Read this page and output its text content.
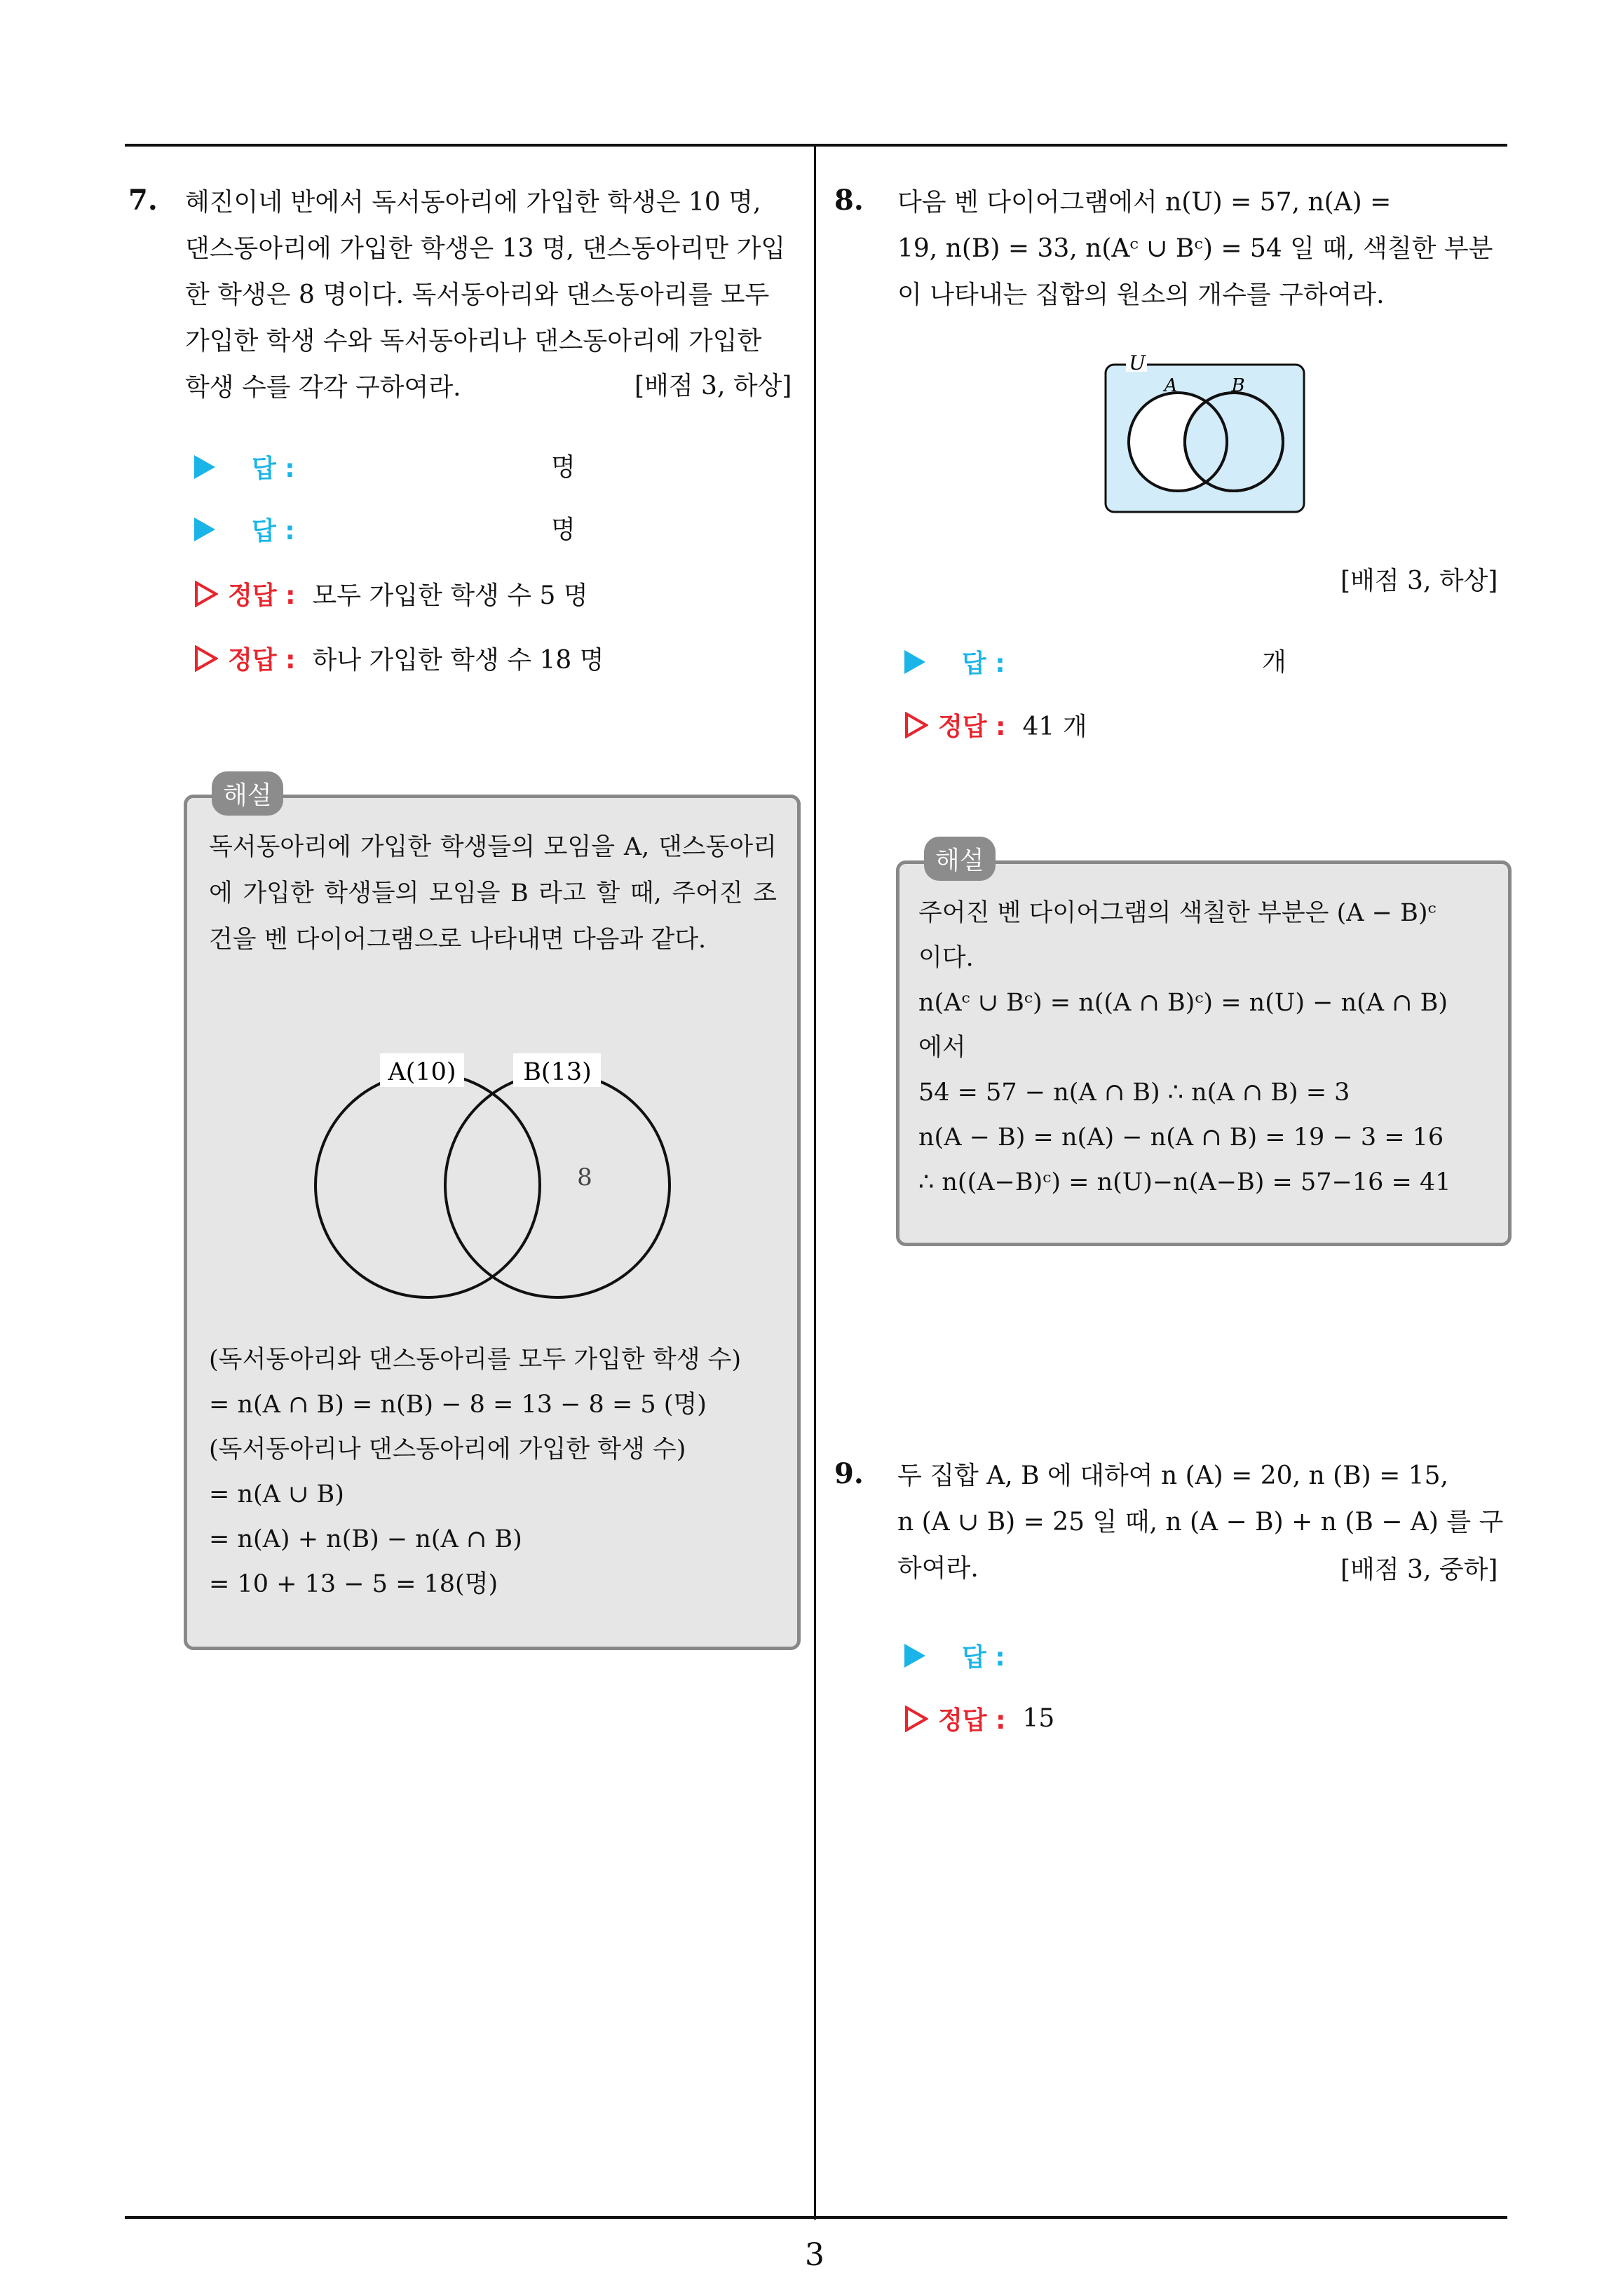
7. 혜진이네 반에서 독서동아리에 가입한 학생은 10 명,

댄스동아리에 가입한 학생은 13 명, 댄스동아리만 가입

한 학생은 8 명이다. 독서동아리와 댄스동아리를 모두

가입한 학생 수와 독서동아리나 댄스동아리에 가입한

학생 수를 각각 구하여라.	[배점 3, 하상]
답 :	명
답 :	명
정답 : 모두 가입한 학생 수 5 명
정답 : 하나 가입한 학생 수 18 명
해설

독서동아리에 가입한 학생들의 모임을 A, 댄스동아리에 가입한 학생들의 모임을 B 라고 할 때, 주어진 조건을 벤 다이어그램으로 나타내면 다음과 같다.

A(10)	B(13)
8

(독서동아리와 댄스동아리를 모두 가입한 학생 수)

= n(A ∩ B) = n(B) − 8 = 13 − 8 = 5 (명)

(독서동아리나 댄스동아리에 가입한 학생 수)

= n(A ∪ B)

= n(A) + n(B) − n(A ∩ B)

= 10 + 13 − 5 = 18(명)

8. 다음 벤 다이어그램에서 n(U) = 57, n(A) =

19, n(B) = 33, n(Aᶜ ∪ Bᶜ) = 54 일 때, 색칠한 부분

이 나타내는 집합의 원소의 개수를 구하여라.

U
A	B
[배점 3, 하상]
답 :	개
정답 : 41 개
해설

주어진 벤 다이어그램의 색칠한 부분은 (A − B)ᶜ

이다.

n(Aᶜ ∪ Bᶜ) = n((A ∩ B)ᶜ) = n(U) − n(A ∩ B)

에서

54 = 57 − n(A ∩ B) ∴ n(A ∩ B) = 3

n(A − B) = n(A) − n(A ∩ B) = 19 − 3 = 16

∴ n((A−B)ᶜ) = n(U)−n(A−B) = 57−16 = 41

9. 두 집합 A, B 에 대하여 n (A) = 20, n (B) = 15,

n (A ∪ B) = 25 일 때, n (A − B) + n (B − A) 를 구

하여라.	[배점 3, 중하]
답 :
정답 : 15
3
